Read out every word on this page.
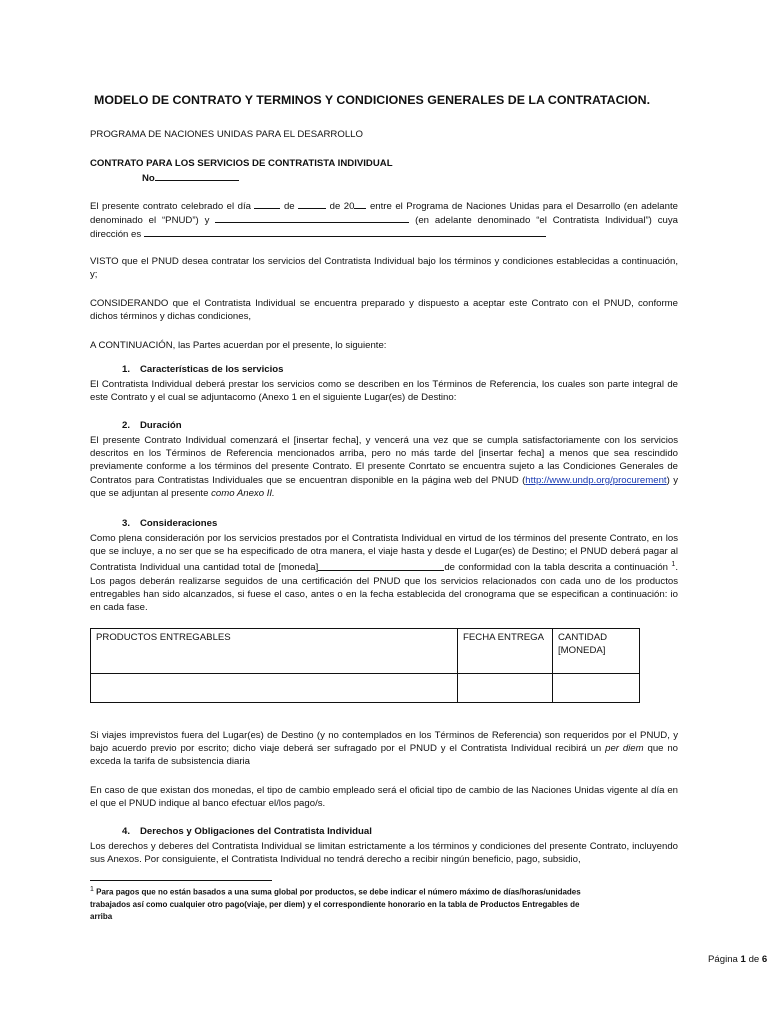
MODELO DE CONTRATO Y TERMINOS Y CONDICIONES GENERALES DE LA CONTRATACION.

PROGRAMA DE NACIONES UNIDAS PARA EL DESARROLLO

CONTRATO PARA LOS SERVICIOS DE CONTRATISTA INDIVIDUAL

No

El presente contrato celebrado el día	de	de 20 entre el Programa de Naciones Unidas para el Desarrollo (en adelante denominado el “PNUD”) y	(en adelante denominado “el Contratista Individual”) cuya dirección es

VISTO que el PNUD desea contratar los servicios del Contratista Individual bajo los términos y condiciones establecidas a continuación, y;

CONSIDERANDO que el Contratista Individual se encuentra preparado y dispuesto a aceptar este Contrato con el PNUD, conforme dichos términos y dichas condiciones,

A CONTINUACIÓN, las Partes acuerdan por el presente, lo siguiente:

1. Características de los servicios

El Contratista Individual deberá prestar los servicios como se describen en los Términos de Referencia, los cuales son parte integral de este Contrato y el cual se adjuntacomo (Anexo 1 en el siguiente Lugar(es) de Destino:

2. Duración

El presente Contrato Individual comenzará el [insertar fecha], y vencerá una vez que se cumpla satisfactoriamente con los servicios descritos en los Términos de Referencia mencionados arriba, pero no más tarde del [insertar fecha] a menos que sea rescindido previamente conforme a los términos del presente Contrato. El presente Conrtato se encuentra sujeto a las Condiciones Generales de Contratos para Contratistas Individuales que se encuentran disponible en la página web del PNUD (http://www.undp.org/procurement) y que se adjuntan al presente como Anexo II.

3. Consideraciones

Como plena consideración por los servicios prestados por el Contratista Individual en virtud de los términos del presente Contrato, en los que se incluye, a no ser que se ha especificado de otra manera, el viaje hasta y desde el Lugar(es) de Destino; el PNUD deberá pagar al Contratista Individual una cantidad total de [moneda]	de conformidad con la tabla descrita a continuación $^1$. Los pagos deberán realizarse seguidos de una certificación del PNUD que los servicios relacionados con cada uno de los productos entregables han sido alcanzados, si fuese el caso, antes o en la fecha establecida del cronograma que se especifican a continuación: io en cada fase.

PRODUCTOS ENTREGABLES	FECHA ENTREGA	CANTIDAD [MONEDA]

Si viajes imprevistos fuera del Lugar(es) de Destino (y no contemplados en los Términos de Referencia) son requeridos por el PNUD, y bajo acuerdo previo por escrito; dicho viaje deberá ser sufragado por el PNUD y el Contratista Individual recibirá un per diem que no exceda la tarifa de subsistencia diaria

En caso de que existan dos monedas, el tipo de cambio empleado será el oficial tipo de cambio de las Naciones Unidas vigente al día en el que el PNUD indique al banco efectuar el/los pago/s.

4. Derechos y Obligaciones del Contratista Individual

Los derechos y deberes del Contratista Individual se limitan estrictamente a los términos y condiciones del presente Contrato, incluyendo sus Anexos. Por consiguiente, el Contratista Individual no tendrá derecho a recibir ningún beneficio, pago, subsidio,

$^1$ Para pagos que no están basados a una suma global por productos, se debe indicar el número máximo de días/horas/unidades trabajados así como cualquier otro pago(viaje, per diem) y el correspondiente honorario en la tabla de Productos Entregables de arriba

Página 1 de 6
